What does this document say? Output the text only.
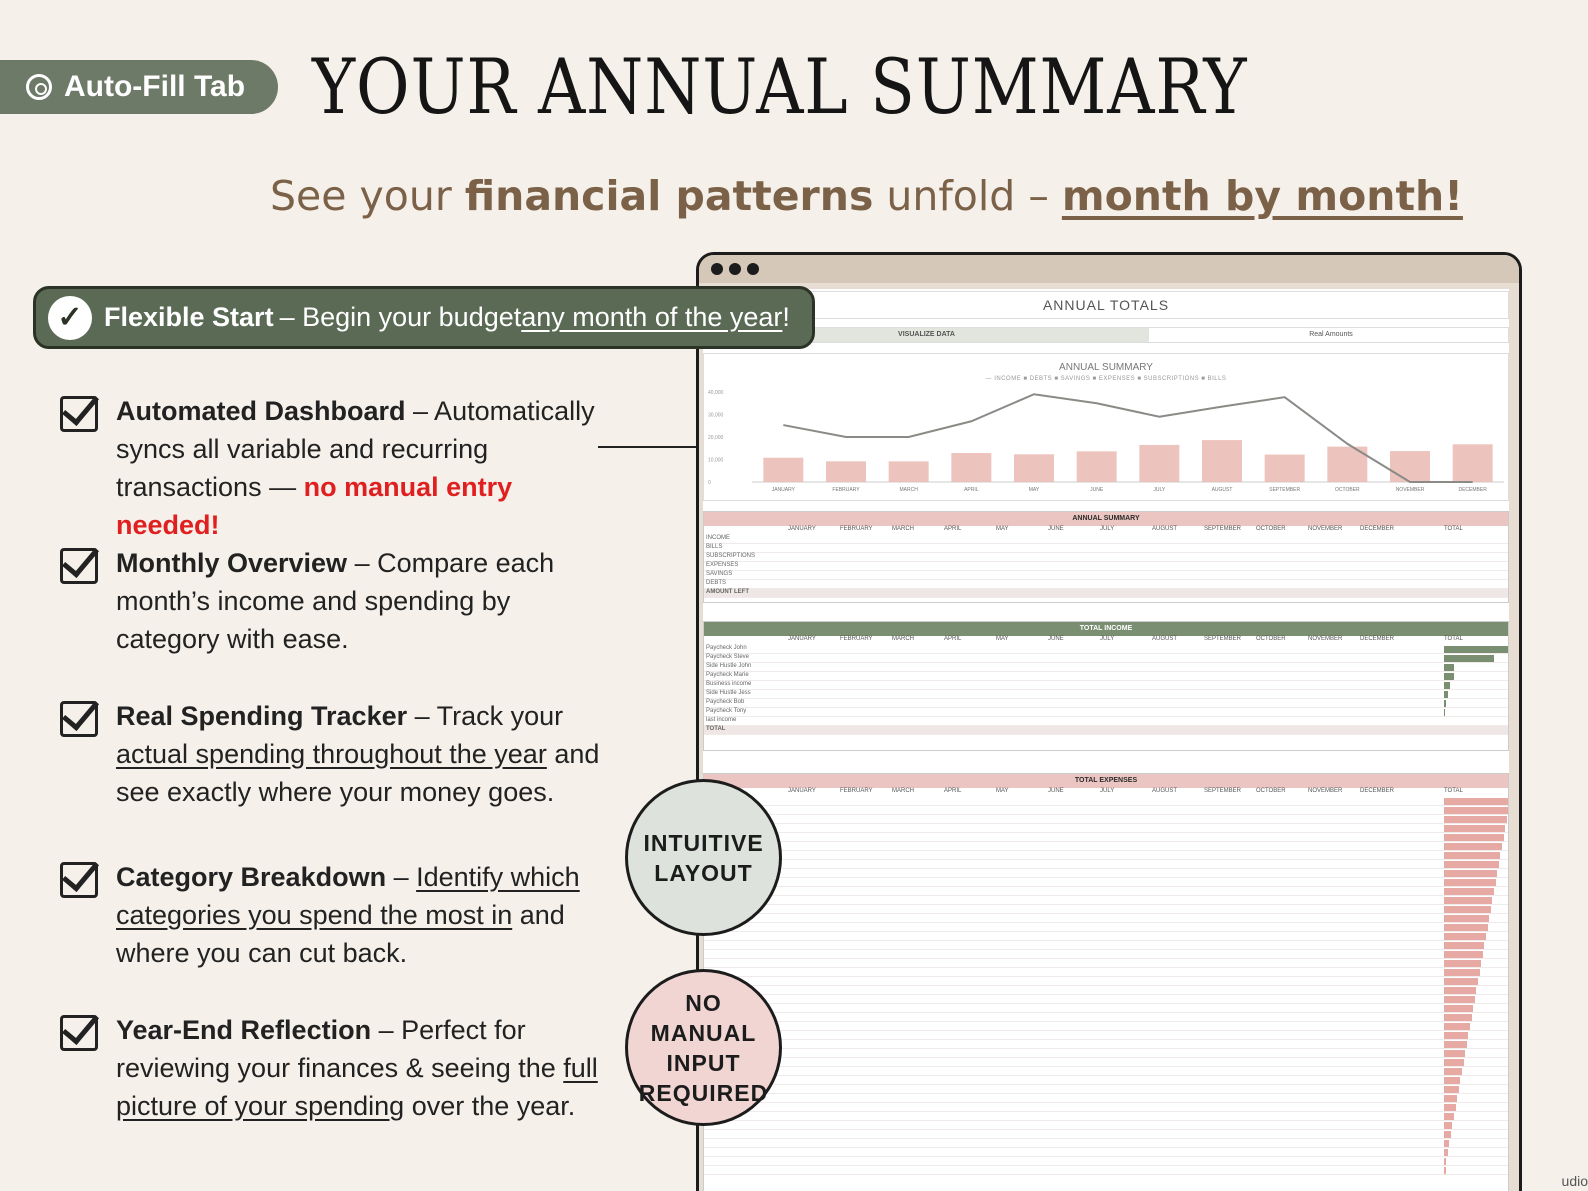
Auto-Fill Tab YOUR ANNUAL SUMMARY
See your financial patterns unfold – month by month!
✓ Flexible Start – Begin your budget any month of the year !
Automated Dashboard – Automatically syncs all variable and recurring transactions — no manual entry needed!
Monthly Overview – Compare each month’s income and spending by category with ease.
Real Spending Tracker – Track your actual spending throughout the year and see exactly where your money goes.
Category Breakdown – Identify which categories you spend the most in and where you can cut back.
Year-End Reflection – Perfect for reviewing your finances & seeing the full picture of your spending over the year.
ANNUAL TOTALS
VISUALIZE DATA	Real Amounts
ANNUAL SUMMARY
— INCOME ■ DEBTS ■ SAVINGS ■ EXPENSES ■ SUBSCRIPTIONS ■ BILLS
0
10,000
20,000
30,000
40,000
JANUARY	FEBRUARY	MARCH	APRIL	MAY	JUNE	JULY	AUGUST	SEPTEMBER	OCTOBER	NOVEMBER	DECEMBER
ANNUAL SUMMARY
JANUARY	FEBRUARY	MARCH	APRIL	MAY	JUNE	JULY	AUGUST	SEPTEMBER OCTOBER	NOVEMBER	DECEMBER	TOTAL
INCOME
BILLS
SUBSCRIPTIONS
EXPENSES
SAVINGS
DEBTS
AMOUNT LEFT
TOTAL INCOME
JANUARY	FEBRUARY	MARCH	APRIL	MAY	JUNE	JULY	AUGUST	SEPTEMBER OCTOBER	NOVEMBER	DECEMBER	TOTAL
Paycheck John
Paycheck Steve
Side Hustle John
Paycheck Marie
Business income
Side Hustle Jess
Paycheck Bob
Paycheck Tony
last income
TOTAL
TOTAL EXPENSES
JANUARY	FEBRUARY	MARCH	APRIL	MAY	JUNE	JULY	AUGUST	SEPTEMBER OCTOBER	NOVEMBER	DECEMBER	TOTAL
INTUITIVE LAYOUT
NO MANUAL INPUT REQUIRED
udio
